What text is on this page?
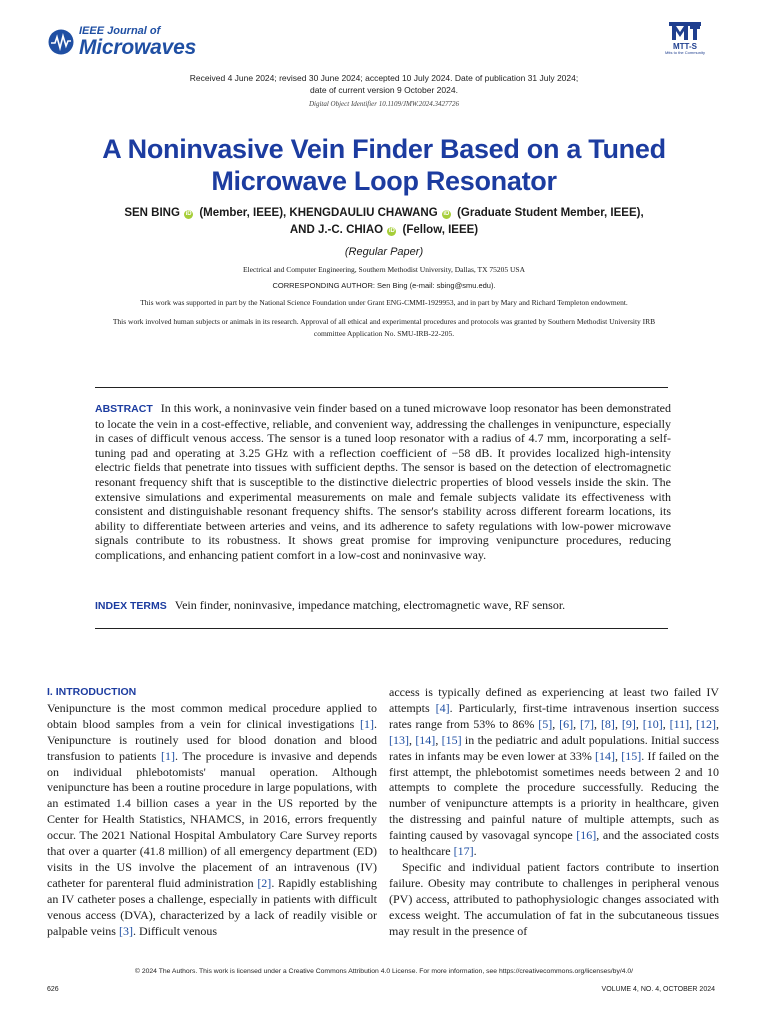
IEEE Journal of
Microwaves	MTT-S
Mtts to the Community
Received 4 June 2024; revised 30 June 2024; accepted 10 July 2024. Date of publication 31 July 2024;
date of current version 9 October 2024.
Digital Object Identifier 10.1109/JMW.2024.3427726
A Noninvasive Vein Finder Based on a Tuned
Microwave Loop Resonator
SEN BING iD (Member, IEEE), KHENGDAULIU CHAWANG iD (Graduate Student Member, IEEE),
AND J.-C. CHIAO iD (Fellow, IEEE)
(Regular Paper)
Electrical and Computer Engineering, Southern Methodist University, Dallas, TX 75205 USA
CORRESPONDING AUTHOR: Sen Bing (e-mail: sbing@smu.edu).
This work was supported in part by the National Science Foundation under Grant ENG-CMMI-1929953, and in part by Mary and Richard Templeton endowment.
This work involved human subjects or animals in its research. Approval of all ethical and experimental procedures and protocols was granted by Southern Methodist University IRB committee Application No. SMU-IRB-22-205.
ABSTRACT In this work, a noninvasive vein finder based on a tuned microwave loop resonator has been demonstrated to locate the vein in a cost-effective, reliable, and convenient way, addressing the challenges in venipuncture, especially in cases of difficult venous access. The sensor is a tuned loop resonator with a radius of 4.7 mm, incorporating a self-tuning pad and operating at 3.25 GHz with a reflection coefficient of −58 dB. It provides localized high-intensity electric fields that penetrate into tissues with sufficient depths. The sensor is based on the detection of electromagnetic resonant frequency shift that is susceptible to the distinctive dielectric properties of blood vessels inside the skin. The extensive simulations and experimental measurements on male and female subjects validate its effectiveness with consistent and distinguishable resonant frequency shifts. The sensor's stability across different forearm locations, its ability to differentiate between arteries and veins, and its adherence to safety regulations with low-power microwave signals contribute to its robustness. It shows great promise for improving venipuncture procedures, reducing complications, and enhancing patient comfort in a low-cost and noninvasive way.
INDEX TERMS Vein finder, noninvasive, impedance matching, electromagnetic wave, RF sensor.
I. INTRODUCTION

Venipuncture is the most common medical procedure applied to obtain blood samples from a vein for clinical investigations [1]. Venipuncture is routinely used for blood donation and blood transfusion to patients [1]. The procedure is invasive and depends on individual phlebotomists' manual operation. Although venipuncture has been a routine procedure in large populations, with an estimated 1.4 billion cases a year in the US reported by the Center for Health Statistics, NHAMCS, in 2016, errors frequently occur. The 2021 National Hospital Ambulatory Care Survey reports that over a quarter (41.8 million) of all emergency department (ED) visits in the US involve the placement of an intravenous (IV) catheter for parenteral fluid administration [2]. Rapidly establishing an IV catheter poses a challenge, especially in patients with difficult venous access (DVA), characterized by a lack of readily visible or palpable veins [3]. Difficult venous

access is typically defined as experiencing at least two failed IV attempts [4]. Particularly, first-time intravenous insertion success rates range from 53% to 86% [5], [6], [7], [8], [9], [10], [11], [12], [13], [14], [15] in the pediatric and adult populations. Initial success rates in infants may be even lower at 33% [14], [15]. If failed on the first attempt, the phlebotomist sometimes needs between 2 and 10 attempts to complete the procedure successfully. Reducing the number of venipuncture attempts is a priority in healthcare, given the distressing and painful nature of multiple attempts, such as fainting caused by vasovagal syncope [16], and the associated costs to healthcare [17].

Specific and individual patient factors contribute to insertion failure. Obesity may contribute to challenges in peripheral venous (PV) access, attributed to pathophysiologic changes associated with excess weight. The accumulation of fat in the subcutaneous tissues may result in the presence of

© 2024 The Authors. This work is licensed under a Creative Commons Attribution 4.0 License. For more information, see https://creativecommons.org/licenses/by/4.0/
626	VOLUME 4, NO. 4, OCTOBER 2024
